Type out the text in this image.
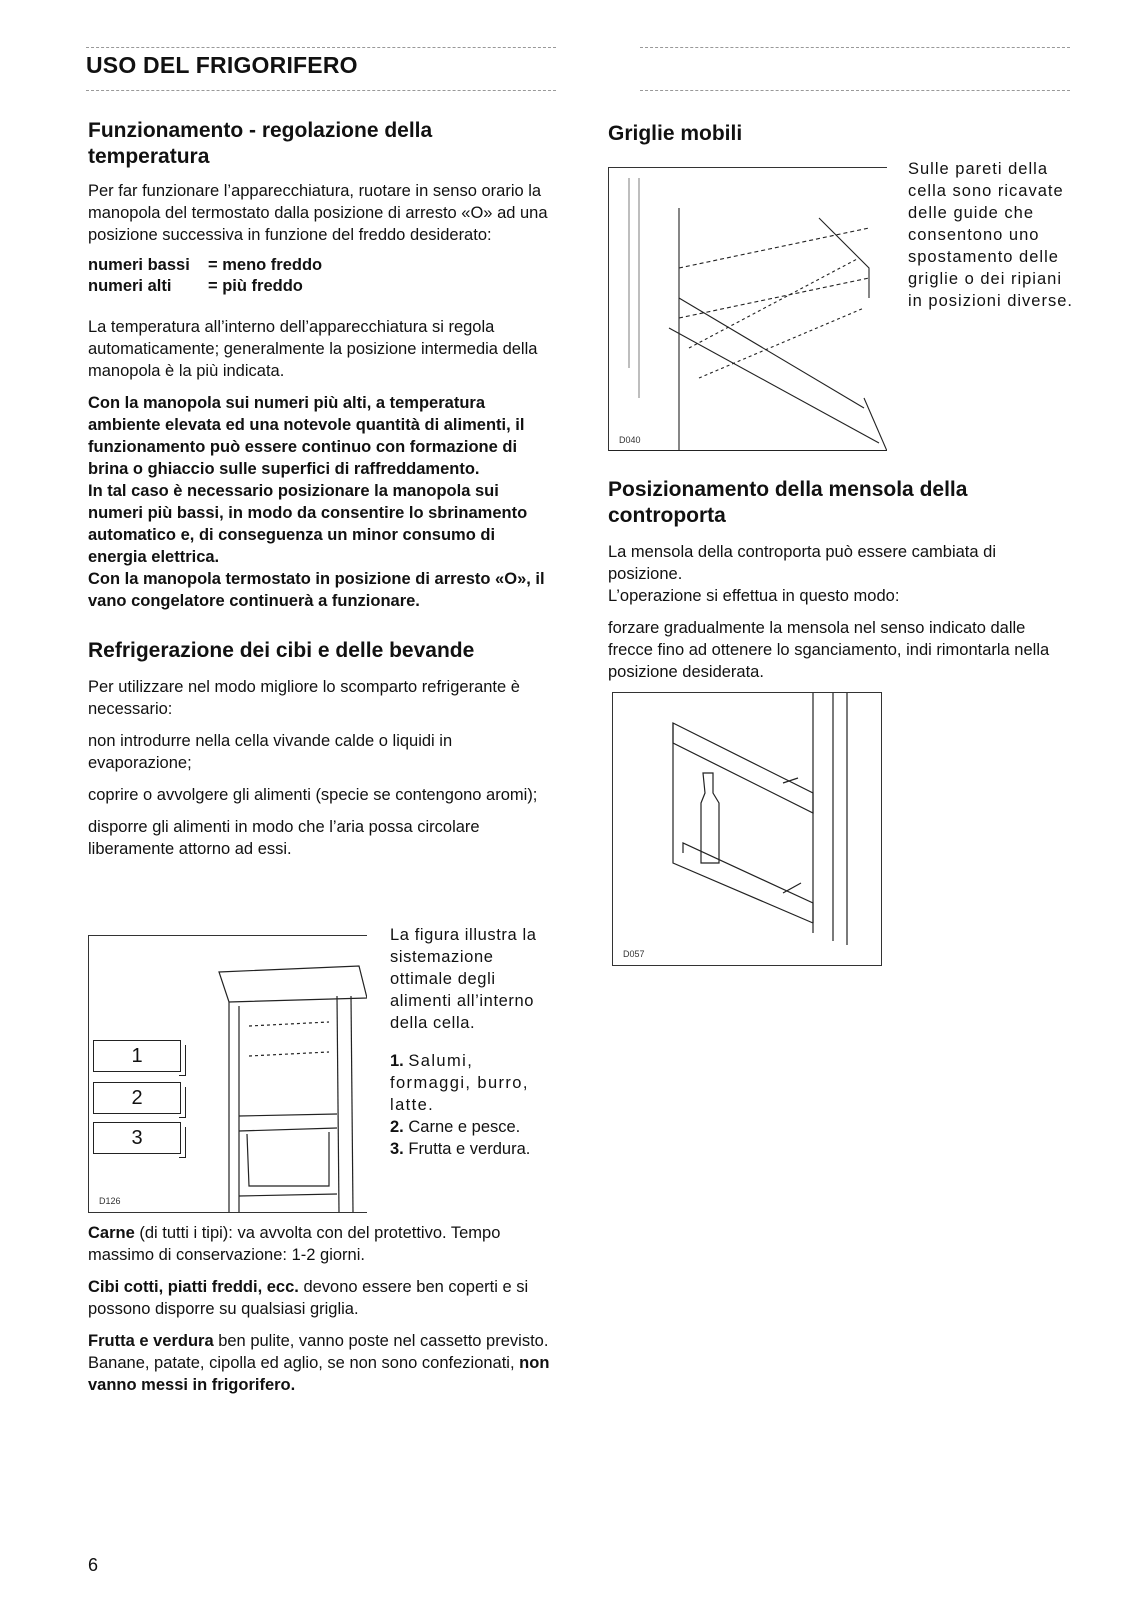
USO DEL FRIGORIFERO
Funzionamento - regolazione della temperatura

Per far funzionare l’apparecchiatura, ruotare in senso orario la manopola del termostato dalla posizione di arresto «O» ad una posizione successiva in funzione del freddo desiderato:

numeri bassi	= meno freddo
numeri alti	= più freddo

La temperatura all’interno dell’apparecchiatura si regola automaticamente; generalmente la posizione intermedia della manopola è la più indicata.

Con la manopola sui numeri più alti, a temperatura ambiente elevata ed una notevole quantità di alimenti, il funzionamento può essere continuo con formazione di brina o ghiaccio sulle superfici di raffreddamento.

In tal caso è necessario posizionare la manopola sui numeri più bassi, in modo da consentire lo sbrinamento automatico e, di conseguenza un minor consumo di energia elettrica.

Con la manopola termostato in posizione di arresto «O», il vano congelatore continuerà a funzionare.

Refrigerazione dei cibi e delle bevande

Per utilizzare nel modo migliore lo scomparto refrigerante è necessario:

non introdurre nella cella vivande calde o liquidi in evaporazione;

coprire o avvolgere gli alimenti (specie se contengono aromi);

disporre gli alimenti in modo che l’aria possa circolare liberamente attorno ad essi.

1
2
3
D126

La figura illustra la sistemazione ottimale degli alimenti all’interno della cella.

1. Salumi, formaggi, burro, latte.
2. Carne e pesce.
3. Frutta e verdura.

Carne (di tutti i tipi): va avvolta con del protettivo. Tempo massimo di conservazione: 1-2 giorni.

Cibi cotti, piatti freddi, ecc. devono essere ben coperti e si possono disporre su qualsiasi griglia.

Frutta e verdura ben pulite, vanno poste nel cassetto previsto.

Banane, patate, cipolla ed aglio, se non sono confezionati, non vanno messi in frigorifero.

Griglie mobili
D040

Sulle pareti della cella sono ricavate delle guide che consentono uno spostamento delle griglie o dei ripiani in posizioni diverse.

Posizionamento della mensola della controporta

La mensola della controporta può essere cambiata di posizione.

L’operazione si effettua in questo modo:

forzare gradualmente la mensola nel senso indicato dalle frecce fino ad ottenere lo sganciamento, indi rimontarla nella posizione desiderata.

D057
6
